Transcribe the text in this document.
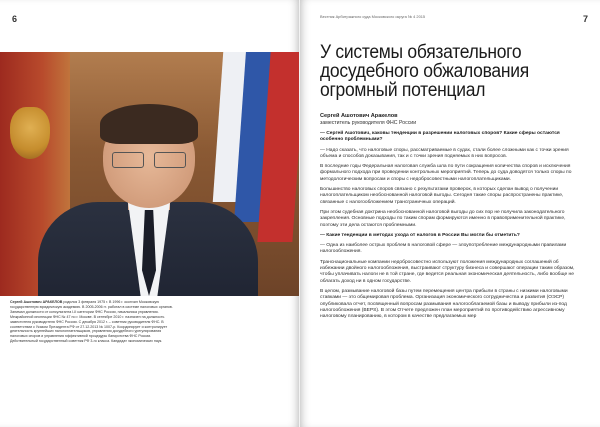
6
Сергей Ашотович АРАКЕЛОВ родился 3 февраля 1975 г. В 1996 г. окончил Московскую государственную юридическую академию. В 2005-2006 гг. работал в системе налоговых органов. Занимал должности от консультанта I-II категории ФНС России, начальника управления. Межрайонной инспекции ФНС № 47 по г. Москве. В сентябре 2010 г. назначен на должность заместителя руководителя ФНС России. С декабря 2012 г. – советник руководителя ФНС. В соответствии с Указом Президента РФ от 27.12.2013 № 1007-р. Координирует и контролирует деятельность крупнейших налогоплательщиков, управления досудебного урегулирования налоговых споров и управления эффективной процедуры банкротства ФНС России. Действительный государственный советник РФ 3-го класса. Кандидат экономических наук.
7
Вестник Арбитражного суда Московского округа № 4 2015
У системы обязательного досудебного обжалования огромный потенциал
Сергей Ашотович Аракелов
заместитель руководителя ФНС России

— Сергей Ашотович, каковы тенденции в разрешении налоговых споров? Какие сферы остаются особенно проблемными?

— Надо сказать, что налоговые споры, рассматриваемые в судах, стали более сложными как с точки зрения объема и способов доказывания, так и с точки зрения подняемых в них вопросов.

В последние годы Федеральная налоговая служба шла по пути сокращения количества споров и исключения формального подхода при проведении контрольных мероприятий. Теперь до суда доводятся только споры по методологическим вопросам и споры с недобросовестными налогоплательщиками.

Большинство налоговых споров связано с результатами проверок, в которых сделан вывод о получении налогоплательщиком необоснованной налоговой выгоды. Сегодня такие споры распространены практике, связанные с налогообложением трансграничных операций.

При этом судебная доктрина необоснованной налоговой выгоды до сих пор не получила законодательного закрепления. Основные подходы по таким спорам формируются именно в правоприменительной практике, поэтому эти дела остаются проблемными.

— Какие тенденции в методах ухода от налогов в России Вы могли бы отметить?

— Одна из наиболее острых проблем в налоговой сфере — злоупотребление международными правилами налогообложения.

Транснациональные компании недобросовестно используют положения международных соглашений об избежании двойного налогообложения, выстраивают структуру бизнеса и совершают операции таким образом, чтобы уплачивать налоги не в той стране, где ведется реальная экономическая деятельность, либо вообще не облагать доход ни в одном государстве.

В целом, размывание налоговой базы путем перемещения центра прибыли в страны с низкими налоговыми ставками — это общемировая проблема. Организация экономического сотрудничества и развития (ОЭСР) опубликовала отчет, посвященный вопросам размывания налогооблагаемой базы и выводу прибыли из-под налогообложения (BEPS). В этом Отчете предложен план мероприятий по противодействию агрессивному налоговому планированию, в котором в качестве предлагаемых мер
